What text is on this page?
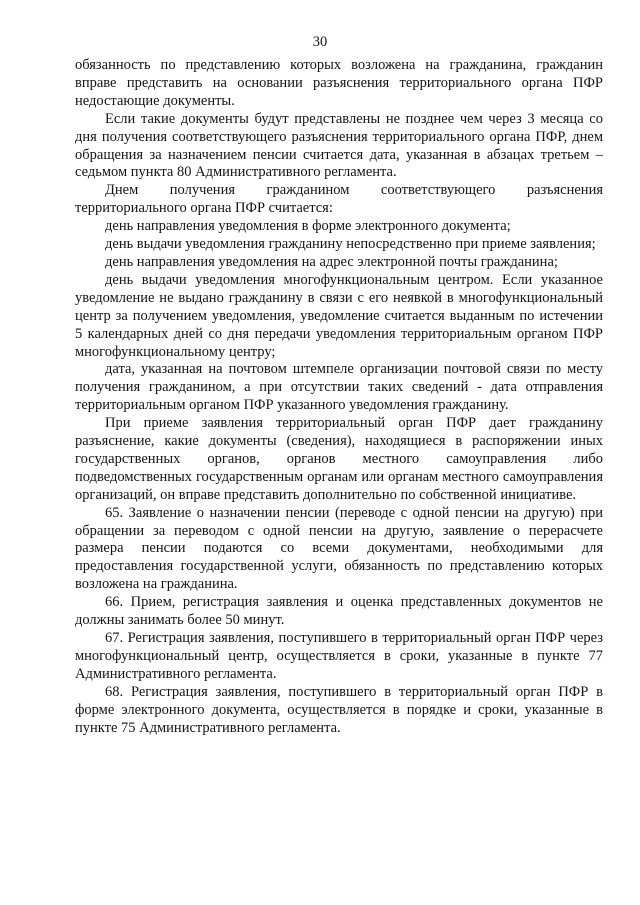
30

обязанность по представлению которых возложена на гражданина, гражданин вправе представить на основании разъяснения территориального органа ПФР недостающие документы.

Если такие документы будут представлены не позднее чем через 3 месяца со дня получения соответствующего разъяснения территориального органа ПФР, днем обращения за назначением пенсии считается дата, указанная в абзацах третьем – седьмом пункта 80 Административного регламента.

Днем получения гражданином соответствующего разъяснения территориального органа ПФР считается:

день направления уведомления в форме электронного документа;

день выдачи уведомления гражданину непосредственно при приеме заявления;

день направления уведомления на адрес электронной почты гражданина;

день выдачи уведомления многофункциональным центром. Если указанное уведомление не выдано гражданину в связи с его неявкой в многофункциональный центр за получением уведомления, уведомление считается выданным по истечении 5 календарных дней со дня передачи уведомления территориальным органом ПФР многофункциональному центру;

дата, указанная на почтовом штемпеле организации почтовой связи по месту получения гражданином, а при отсутствии таких сведений - дата отправления территориальным органом ПФР указанного уведомления гражданину.

При приеме заявления территориальный орган ПФР дает гражданину разъяснение, какие документы (сведения), находящиеся в распоряжении иных государственных органов, органов местного самоуправления либо подведомственных государственным органам или органам местного самоуправления организаций, он вправе представить дополнительно по собственной инициативе.

65. Заявление о назначении пенсии (переводе с одной пенсии на другую) при обращении за переводом с одной пенсии на другую, заявление о перерасчете размера пенсии подаются со всеми документами, необходимыми для предоставления государственной услуги, обязанность по представлению которых возложена на гражданина.

66. Прием, регистрация заявления и оценка представленных документов не должны занимать более 50 минут.

67. Регистрация заявления, поступившего в территориальный орган ПФР через многофункциональный центр, осуществляется в сроки, указанные в пункте 77 Административного регламента.

68. Регистрация заявления, поступившего в территориальный орган ПФР в форме электронного документа, осуществляется в порядке и сроки, указанные в пункте 75 Административного регламента.
